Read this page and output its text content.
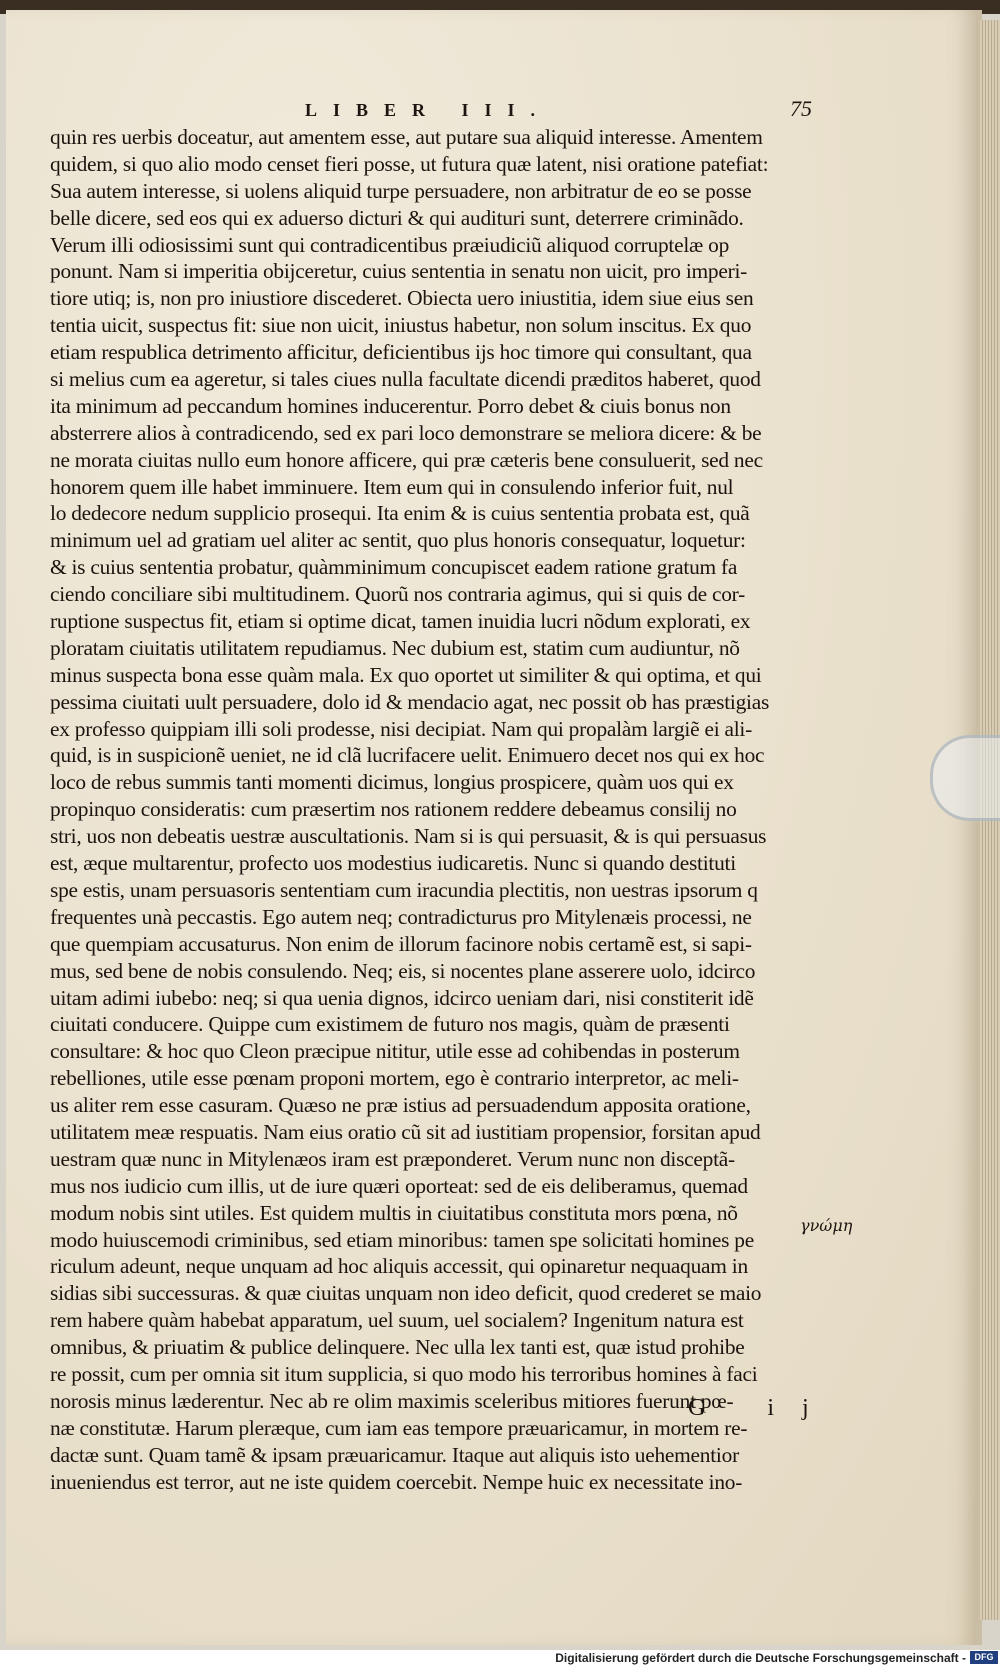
LIBER III.	75
quin res uerbis doceatur, aut amentem esse, aut putare sua aliquid interesse. Amentem
quidem, si quo alio modo censet fieri posse, ut futura quæ latent, nisi oratione patefiat:
Sua autem interesse, si uolens aliquid turpe persuadere, non arbitratur de eo se posse
belle dicere, sed eos qui ex aduerso dicturi & qui audituri sunt, deterrere criminãdo.
Verum illi odiosissimi sunt qui contradicentibus præiudiciũ aliquod corruptelæ op
ponunt. Nam si imperitia obijceretur, cuius sententia in senatu non uicit, pro imperi-
tiore utiq; is, non pro iniustiore discederet. Obiecta uero iniustitia, idem siue eius sen
tentia uicit, suspectus fit: siue non uicit, iniustus habetur, non solum inscitus. Ex quo
etiam respublica detrimento afficitur, deficientibus ijs hoc timore qui consultant, qua
si melius cum ea ageretur, si tales ciues nulla facultate dicendi præditos haberet, quod
ita minimum ad peccandum homines inducerentur. Porro debet & ciuis bonus non
absterrere alios à contradicendo, sed ex pari loco demonstrare se meliora dicere: & be
ne morata ciuitas nullo eum honore afficere, qui præ cæteris bene consuluerit, sed nec
honorem quem ille habet imminuere. Item eum qui in consulendo inferior fuit, nul
lo dedecore nedum supplicio prosequi. Ita enim & is cuius sententia probata est, quã
minimum uel ad gratiam uel aliter ac sentit, quo plus honoris consequatur, loquetur:
& is cuius sententia probatur, quàmminimum concupiscet eadem ratione gratum fa
ciendo conciliare sibi multitudinem. Quorũ nos contraria agimus, qui si quis de cor-
ruptione suspectus fit, etiam si optime dicat, tamen inuidia lucri nõdum explorati, ex
ploratam ciuitatis utilitatem repudiamus. Nec dubium est, statim cum audiuntur, nõ
minus suspecta bona esse quàm mala. Ex quo oportet ut similiter & qui optima, et qui
pessima ciuitati uult persuadere, dolo id & mendacio agat, nec possit ob has præstigias
ex professo quippiam illi soli prodesse, nisi decipiat. Nam qui propalàm largiẽ ei ali-
quid, is in suspicionẽ ueniet, ne id clã lucrifacere uelit. Enimuero decet nos qui ex hoc
loco de rebus summis tanti momenti dicimus, longius prospicere, quàm uos qui ex
propinquo consideratis: cum præsertim nos rationem reddere debeamus consilij no
stri, uos non debeatis uestræ auscultationis. Nam si is qui persuasit, & is qui persuasus
est, æque multarentur, profecto uos modestius iudicaretis. Nunc si quando destituti
spe estis, unam persuasoris sententiam cum iracundia plectitis, non uestras ipsorum q
frequentes unà peccastis. Ego autem neq; contradicturus pro Mitylenæis processi, ne
que quempiam accusaturus. Non enim de illorum facinore nobis certamẽ est, si sapi-
mus, sed bene de nobis consulendo. Neq; eis, si nocentes plane asserere uolo, idcirco
uitam adimi iubebo: neq; si qua uenia dignos, idcirco ueniam dari, nisi constiterit idẽ
ciuitati conducere. Quippe cum existimem de futuro nos magis, quàm de præsenti
consultare: & hoc quo Cleon præcipue nititur, utile esse ad cohibendas in posterum
rebelliones, utile esse pœnam proponi mortem, ego è contrario interpretor, ac meli-
us aliter rem esse casuram. Quæso ne præ istius ad persuadendum apposita oratione,
utilitatem meæ respuatis. Nam eius oratio cũ sit ad iustitiam propensior, forsitan apud
uestram quæ nunc in Mitylenæos iram est præponderet. Verum nunc non disceptã-
mus nos iudicio cum illis, ut de iure quæri oporteat: sed de eis deliberamus, quemad
modum nobis sint utiles. Est quidem multis in ciuitatibus constituta mors pœna, nõ
modo huiuscemodi criminibus, sed etiam minoribus: tamen spe solicitati homines pe
riculum adeunt, neque unquam ad hoc aliquis accessit, qui opinaretur nequaquam in
sidias sibi successuras. & quæ ciuitas unquam non ideo deficit, quod crederet se maio
rem habere quàm habebat apparatum, uel suum, uel socialem? Ingenitum natura est
omnibus, & priuatim & publice delinquere. Nec ulla lex tanti est, quæ istud prohibe
re possit, cum per omnia sit itum supplicia, si quo modo his terroribus homines à faci
norosis minus læderentur. Nec ab re olim maximis sceleribus mitiores fuerunt pœ-
næ constitutæ. Harum pleræque, cum iam eas tempore præuaricamur, in mortem re-
dactæ sunt. Quam tamẽ & ipsam præuaricamur. Itaque aut aliquis isto uehementior
inueniendus est terror, aut ne iste quidem coercebit. Nempe huic ex necessitate ino-
γνώμη
G ij
Digitalisierung gefördert durch die Deutsche Forschungsgemeinschaft - DFG
